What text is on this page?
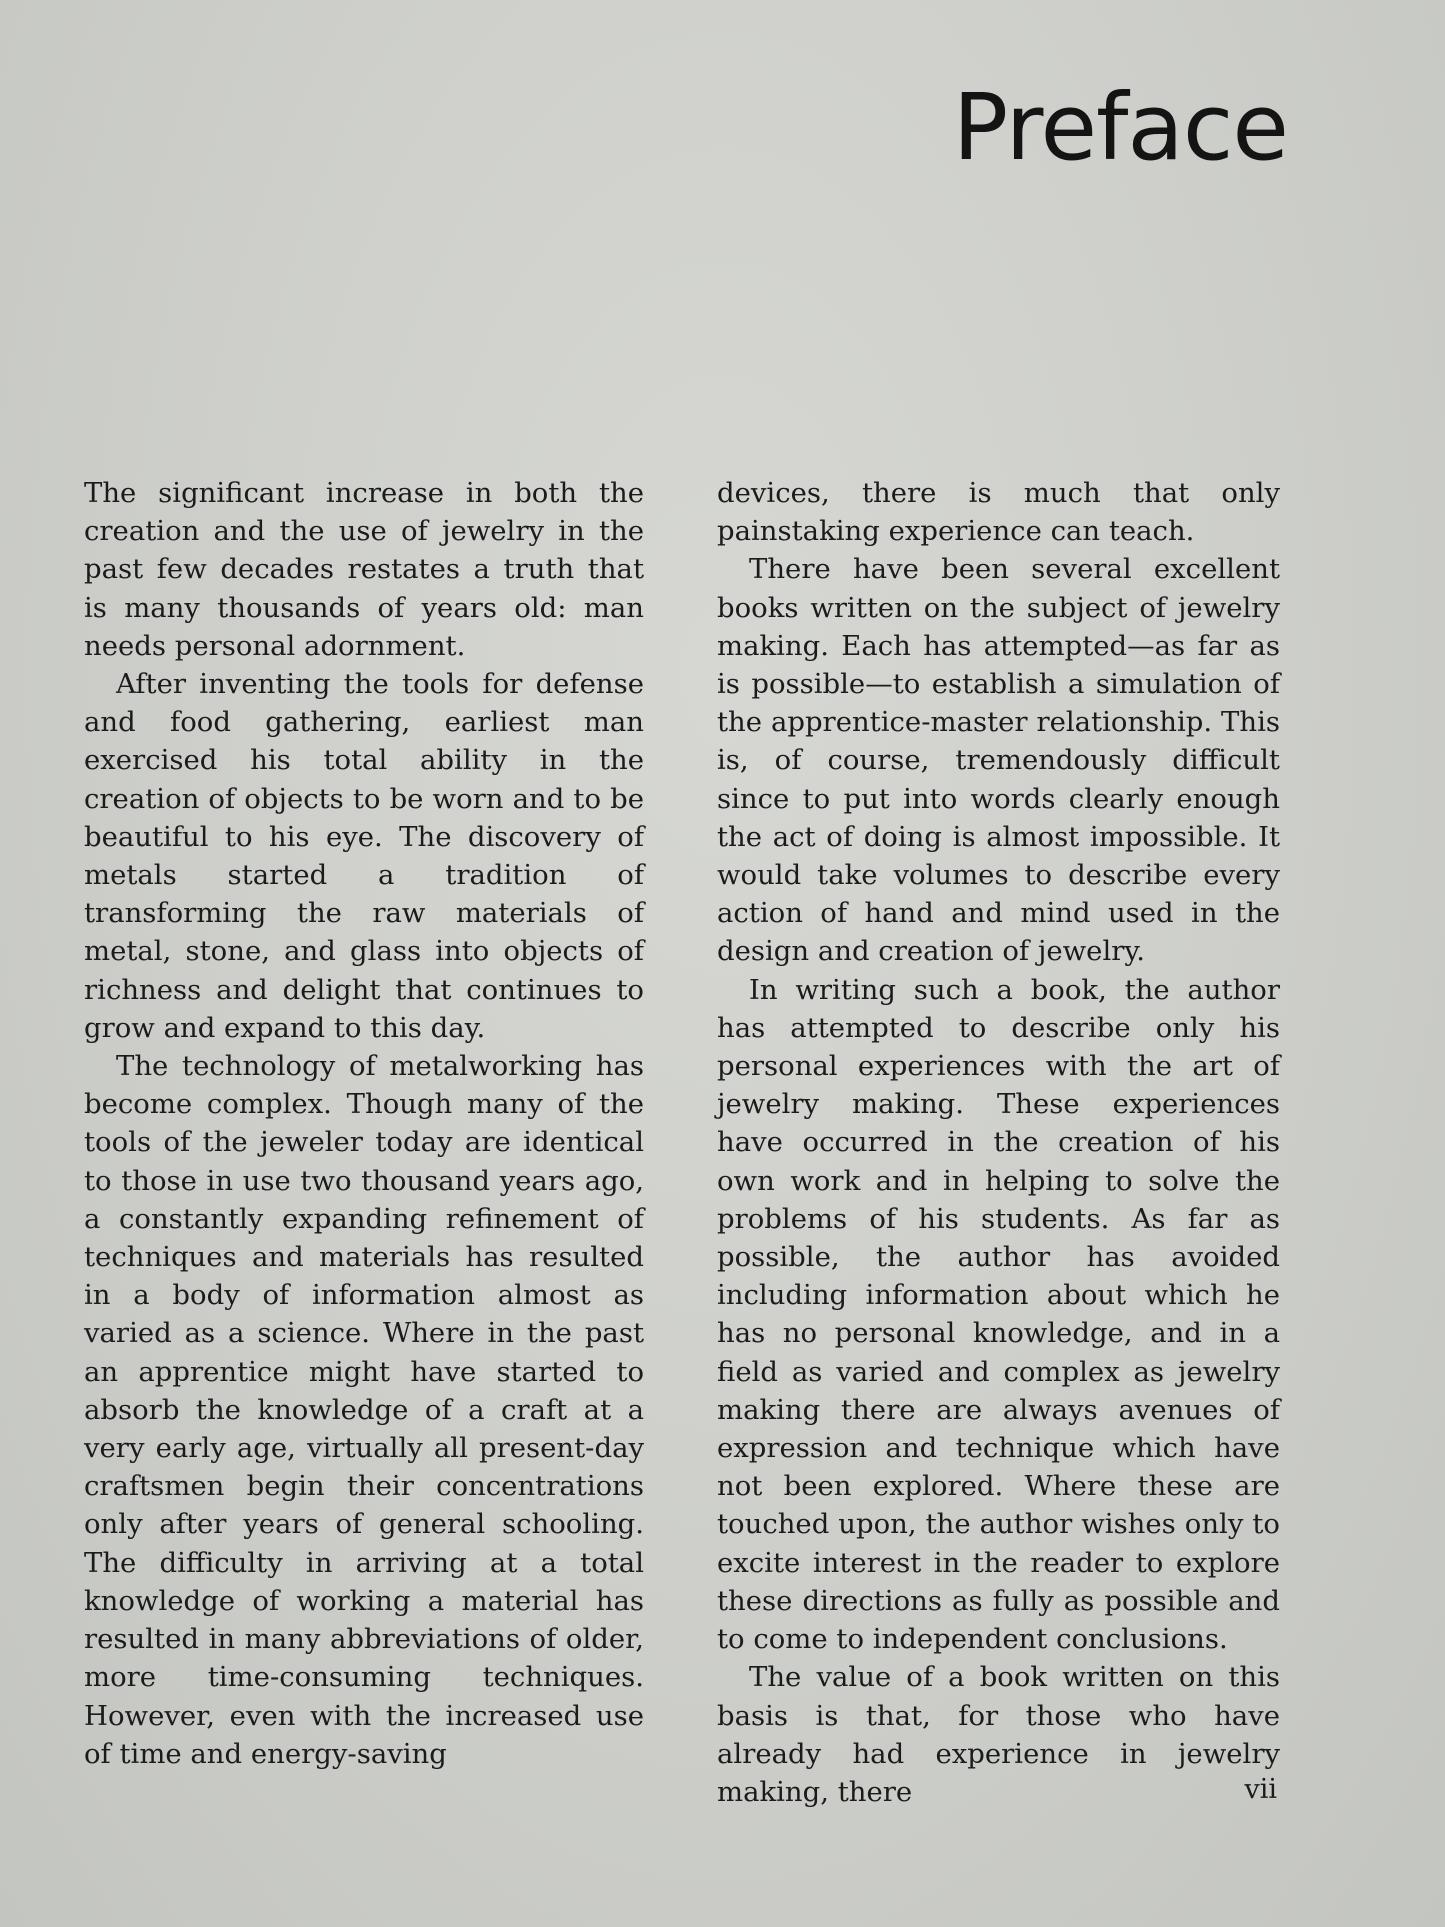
Preface

The significant increase in both the creation and the use of jewelry in the past few decades restates a truth that is many thousands of years old: man needs personal adornment.

After inventing the tools for defense and food gathering, earliest man exercised his total ability in the creation of objects to be worn and to be beautiful to his eye. The discovery of metals started a tradition of transforming the raw materials of metal, stone, and glass into objects of richness and delight that continues to grow and expand to this day.

The technology of metalworking has become complex. Though many of the tools of the jeweler today are identical to those in use two thousand years ago, a constantly expanding refinement of techniques and materials has resulted in a body of information almost as varied as a science. Where in the past an apprentice might have started to absorb the knowledge of a craft at a very early age, virtually all present-day craftsmen begin their concentrations only after years of general schooling. The difficulty in arriving at a total knowledge of working a material has resulted in many abbreviations of older, more time-consuming techniques. However, even with the increased use of time and energy-saving

devices, there is much that only painstaking experience can teach.

There have been several excellent books written on the subject of jewelry making. Each has attempted—as far as is possible—to establish a simulation of the apprentice-master relationship. This is, of course, tremendously difficult since to put into words clearly enough the act of doing is almost impossible. It would take volumes to describe every action of hand and mind used in the design and creation of jewelry.

In writing such a book, the author has attempted to describe only his personal experiences with the art of jewelry making. These experiences have occurred in the creation of his own work and in helping to solve the problems of his students. As far as possible, the author has avoided including information about which he has no personal knowledge, and in a field as varied and complex as jewelry making there are always avenues of expression and technique which have not been explored. Where these are touched upon, the author wishes only to excite interest in the reader to explore these directions as fully as possible and to come to independent conclusions.

The value of a book written on this basis is that, for those who have already had experience in jewelry making, there	vii
